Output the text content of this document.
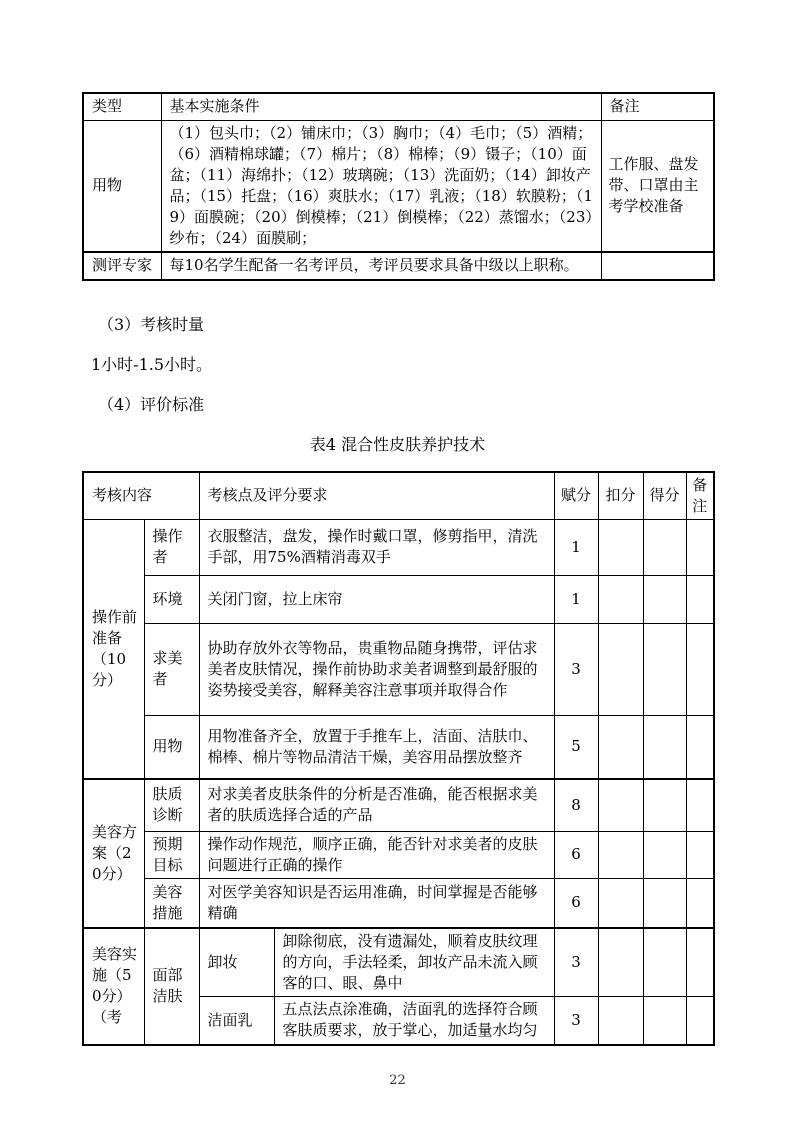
类型	基本实施条件	备注
用物	（1）包头巾；（2）铺床巾；（3）胸巾；（4）毛巾；（5）酒精；（6）酒精棉球罐；（7）棉片；（8）棉棒；（9）镊子；（10）面盆；（11）海绵扑；（12）玻璃碗；（13）洗面奶；（14）卸妆产品；（15）托盘；（16）爽肤水；（17）乳液；（18）软膜粉；（19）面膜碗；（20）倒模棒；（21）倒模棒；（22）蒸馏水；（23）纱布；（24）面膜刷；	工作服、盘发带、口罩由主考学校准备
测评专家	每10名学生配备一名考评员，考评员要求具备中级以上职称。	

（3）考核时量

1小时-1.5小时。

（4）评价标准

表4 混合性皮肤养护技术

考核内容		考核点及评分要求		赋分	扣分	得分	备注
操作前准备（10分）	操作者	衣服整洁，盘发，操作时戴口罩，修剪指甲，清洗手部，用75%酒精消毒双手		1			
	环境	关闭门窗，拉上床帘		1			
	求美者	协助存放外衣等物品，贵重物品随身携带，评估求美者皮肤情况，操作前协助求美者调整到最舒服的姿势接受美容，解释美容注意事项并取得合作		3			
	用物	用物准备齐全，放置于手推车上，洁面、洁肤巾、棉棒、棉片等物品清洁干燥，美容用品摆放整齐		5			
美容方案（20分）	肤质诊断	对求美者皮肤条件的分析是否准确，能否根据求美者的肤质选择合适的产品		8			
	预期目标	操作动作规范，顺序正确，能否针对求美者的皮肤问题进行正确的操作		6			
	美容措施	对医学美容知识是否运用准确，时间掌握是否能够精确		6			
美容实施（50分）（考	面部洁肤	卸妆	卸除彻底，没有遗漏处，顺着皮肤纹理的方向，手法轻柔，卸妆产品未流入顾客的口、眼、鼻中	3			
		洁面乳	五点法点涂准确，洁面乳的选择符合顾客肤质要求，放于掌心，加适量水均匀	3			
22
